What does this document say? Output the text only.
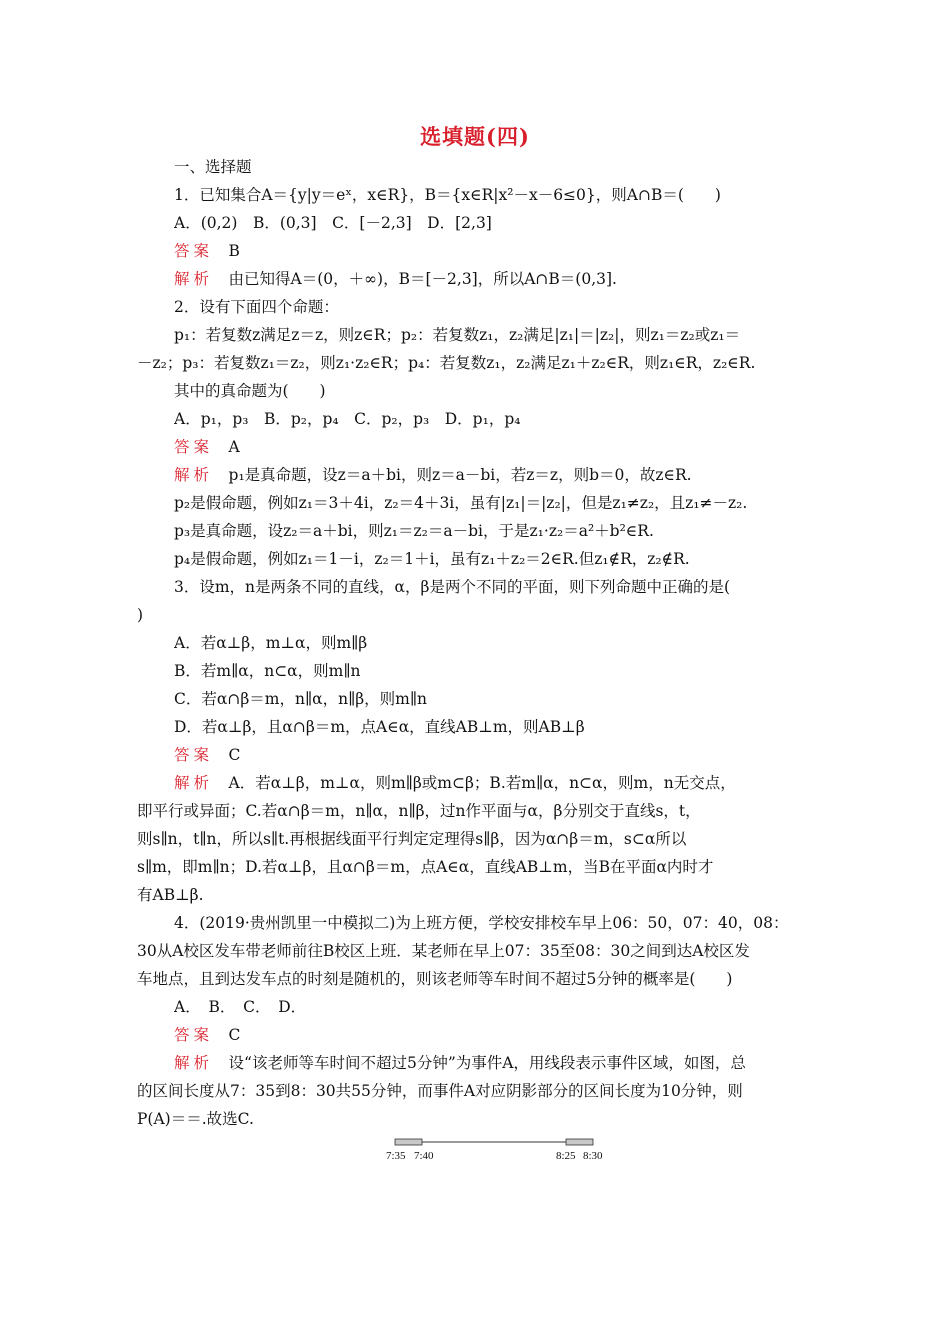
选填题(四)
一、选择题
1．已知集合A＝{y|y＝eˣ，x∈R}，B＝{x∈R|x²－x－6≤0}，则A∩B＝(　　)
A．(0,2)　B．(0,3]　C．[－2,3]　D．[2,3]
答案　 B
解析　 由已知得A＝(0，＋∞)，B＝[－2,3]，所以A∩B＝(0,3].
2．设有下面四个命题：
p₁：若复数z满足z＝z，则z∈R；p₂：若复数z₁，z₂满足|z₁|＝|z₂|，则z₁＝z₂或z₁＝
－z₂；p₃：若复数z₁＝z₂，则z₁·z₂∈R；p₄：若复数z₁，z₂满足z₁＋z₂∈R，则z₁∈R，z₂∈R.
其中的真命题为(　　)
A．p₁，p₃　B．p₂，p₄　C．p₂，p₃　D．p₁，p₄
答案　 A
解析　 p₁是真命题，设z＝a＋bi，则z＝a－bi，若z＝z，则b＝0，故z∈R.
p₂是假命题，例如z₁＝3＋4i，z₂＝4＋3i，虽有|z₁|＝|z₂|，但是z₁≠z₂，且z₁≠－z₂.
p₃是真命题，设z₂＝a＋bi，则z₁＝z₂＝a－bi，于是z₁·z₂＝a²＋b²∈R.
p₄是假命题，例如z₁＝1－i，z₂＝1＋i，虽有z₁＋z₂＝2∈R.但z₁∉R，z₂∉R.
3．设m，n是两条不同的直线，α，β是两个不同的平面，则下列命题中正确的是(
)
A．若α⊥β，m⊥α，则m∥β
B．若m∥α，n⊂α，则m∥n
C．若α∩β＝m，n∥α，n∥β，则m∥n
D．若α⊥β，且α∩β＝m，点A∈α，直线AB⊥m，则AB⊥β
答案　 C
解析　 A．若α⊥β，m⊥α，则m∥β或m⊂β；B.若m∥α，n⊂α，则m，n无交点，
即平行或异面；C.若α∩β＝m，n∥α，n∥β，过n作平面与α，β分别交于直线s，t，
则s∥n，t∥n，所以s∥t.再根据线面平行判定定理得s∥β，因为α∩β＝m，s⊂α所以
s∥m，即m∥n；D.若α⊥β，且α∩β＝m，点A∈α，直线AB⊥m，当B在平面α内时才
有AB⊥β.
4．(2019·贵州凯里一中模拟二)为上班方便，学校安排校车早上06：50，07：40，08：
30从A校区发车带老师前往B校区上班．某老师在早上07：35至08：30之间到达A校区发
车地点，且到达发车点的时刻是随机的，则该老师等车时间不超过5分钟的概率是(　　)
A．　B．　C．　D．
答案　 C
解析　 设“该老师等车时间不超过5分钟”为事件A，用线段表示事件区域，如图，总
的区间长度从7：35到8：30共55分钟，而事件A对应阴影部分的区间长度为10分钟，则
P(A)＝＝.故选C.
7:35 7:40	8:25 8:30
